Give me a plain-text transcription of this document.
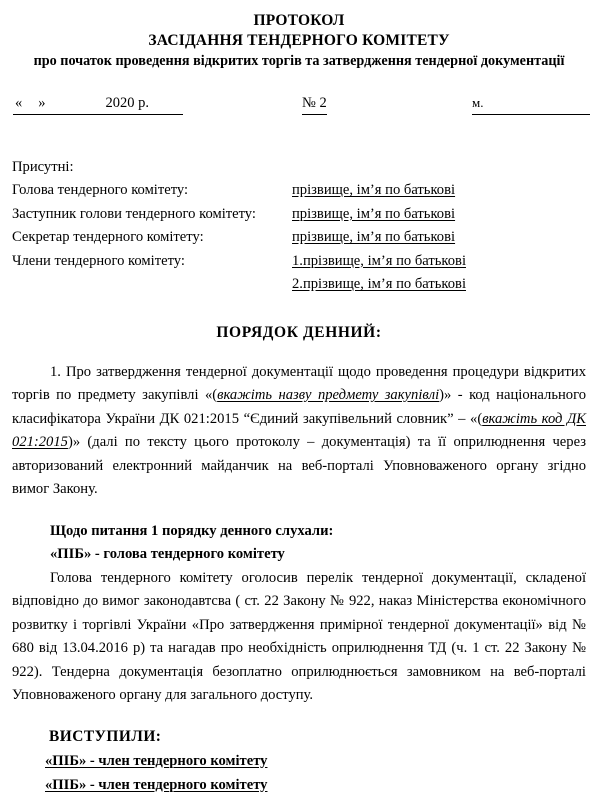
ПРОТОКОЛ
ЗАСІДАННЯ ТЕНДЕРНОГО КОМІТЕТУ
про початок проведення відкритих торгів та затвердження тендерної документації
« »	2020 р.	№ 2	м.
Присутні:
Голова тендерного комітету:	прізвище, ім’я по батькові
Заступник голови тендерного комітету: прізвище, ім’я по батькові
Секретар тендерного комітету:	прізвище, ім’я по батькові
Члени тендерного комітету:	1.прізвище, ім’я по батькові
2.прізвище, ім’я по батькові
ПОРЯДОК ДЕННИЙ:
1. Про затвердження тендерної документації щодо проведення процедури відкритих торгів по предмету закупівлі «(вкажіть назву предмету закупівлі)» - код національного класифікатора України ДК 021:2015 “Єдиний закупівельний словник” – «(вкажіть код ДК 021:2015)» (далі по тексту цього протоколу – документація) та її оприлюднення через авторизований електронний майданчик на веб-порталі Уповноваженого органу згідно вимог Закону.
Щодо питання 1 порядку денного слухали:
«ПІБ» - голова тендерного комітету
Голова тендерного комітету оголосив перелік тендерної документації, складеної відповідно до вимог законодавтсва ( ст. 22 Закону № 922, наказ Міністерства економічного розвитку і торгівлі України «Про затвердження примірної тендерної документації» від № 680 від 13.04.2016 р) та нагадав про необхідність оприлюднення ТД (ч. 1 ст. 22 Закону № 922). Тендерна документація безоплатно оприлюднюється замовником на веб-порталі Уповноваженого органу для загального доступу.
ВИСТУПИЛИ:
«ПІБ» - член тендерного комітету
«ПІБ» - член тендерного комітету
